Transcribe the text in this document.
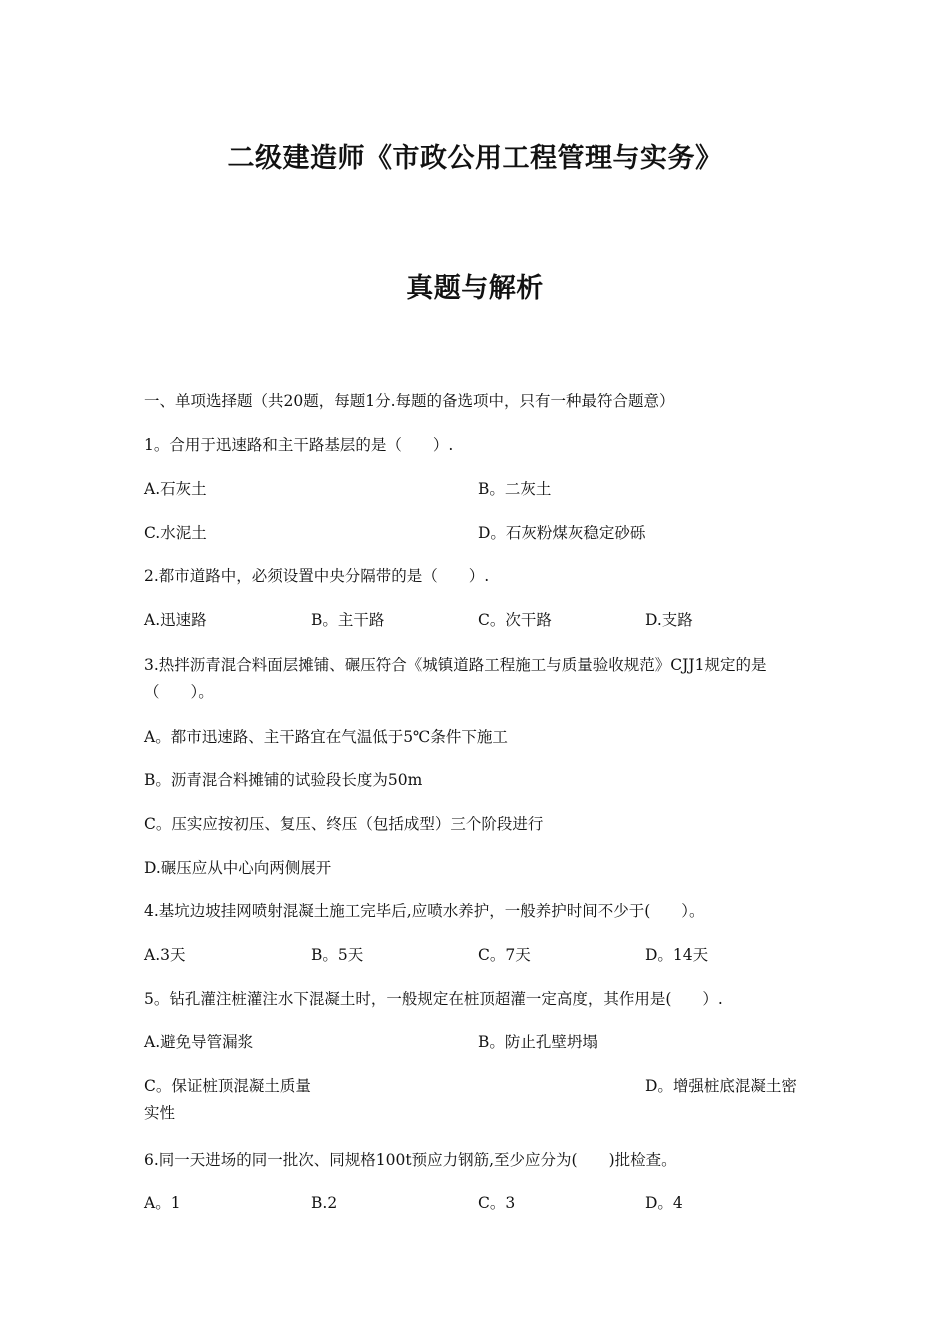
二级建造师《市政公用工程管理与实务》
真题与解析
一、单项选择题（共20题，每题1分.每题的备选项中，只有一种最符合题意）
1。合用于迅速路和主干路基层的是（　　）.
A.石灰土	B。二灰土
C.水泥土	D。石灰粉煤灰稳定砂砾
2.都市道路中，必须设置中央分隔带的是（　　）.
A.迅速路	B。主干路	C。次干路	D.支路
3.热拌沥青混合料面层摊铺、碾压符合《城镇道路工程施工与质量验收规范》CJJ1规定的是（　　）。
A。都市迅速路、主干路宜在气温低于5℃条件下施工
B。沥青混合料摊铺的试验段长度为50m
C。压实应按初压、复压、终压（包括成型）三个阶段进行
D.碾压应从中心向两侧展开
4.基坑边坡挂网喷射混凝土施工完毕后,应喷水养护，一般养护时间不少于(　　）。
A.3天	B。5天	C。7天	D。14天
5。钻孔灌注桩灌注水下混凝土时，一般规定在桩顶超灌一定高度，其作用是(　　）.
A.避免导管漏浆	B。防止孔壁坍塌
C。保证桩顶混凝土质量	D。增强桩底混凝土密
实性
6.同一天进场的同一批次、同规格100t预应力钢筋,至少应分为(　　)批检查。
A。1	B.2	C。3	D。4
